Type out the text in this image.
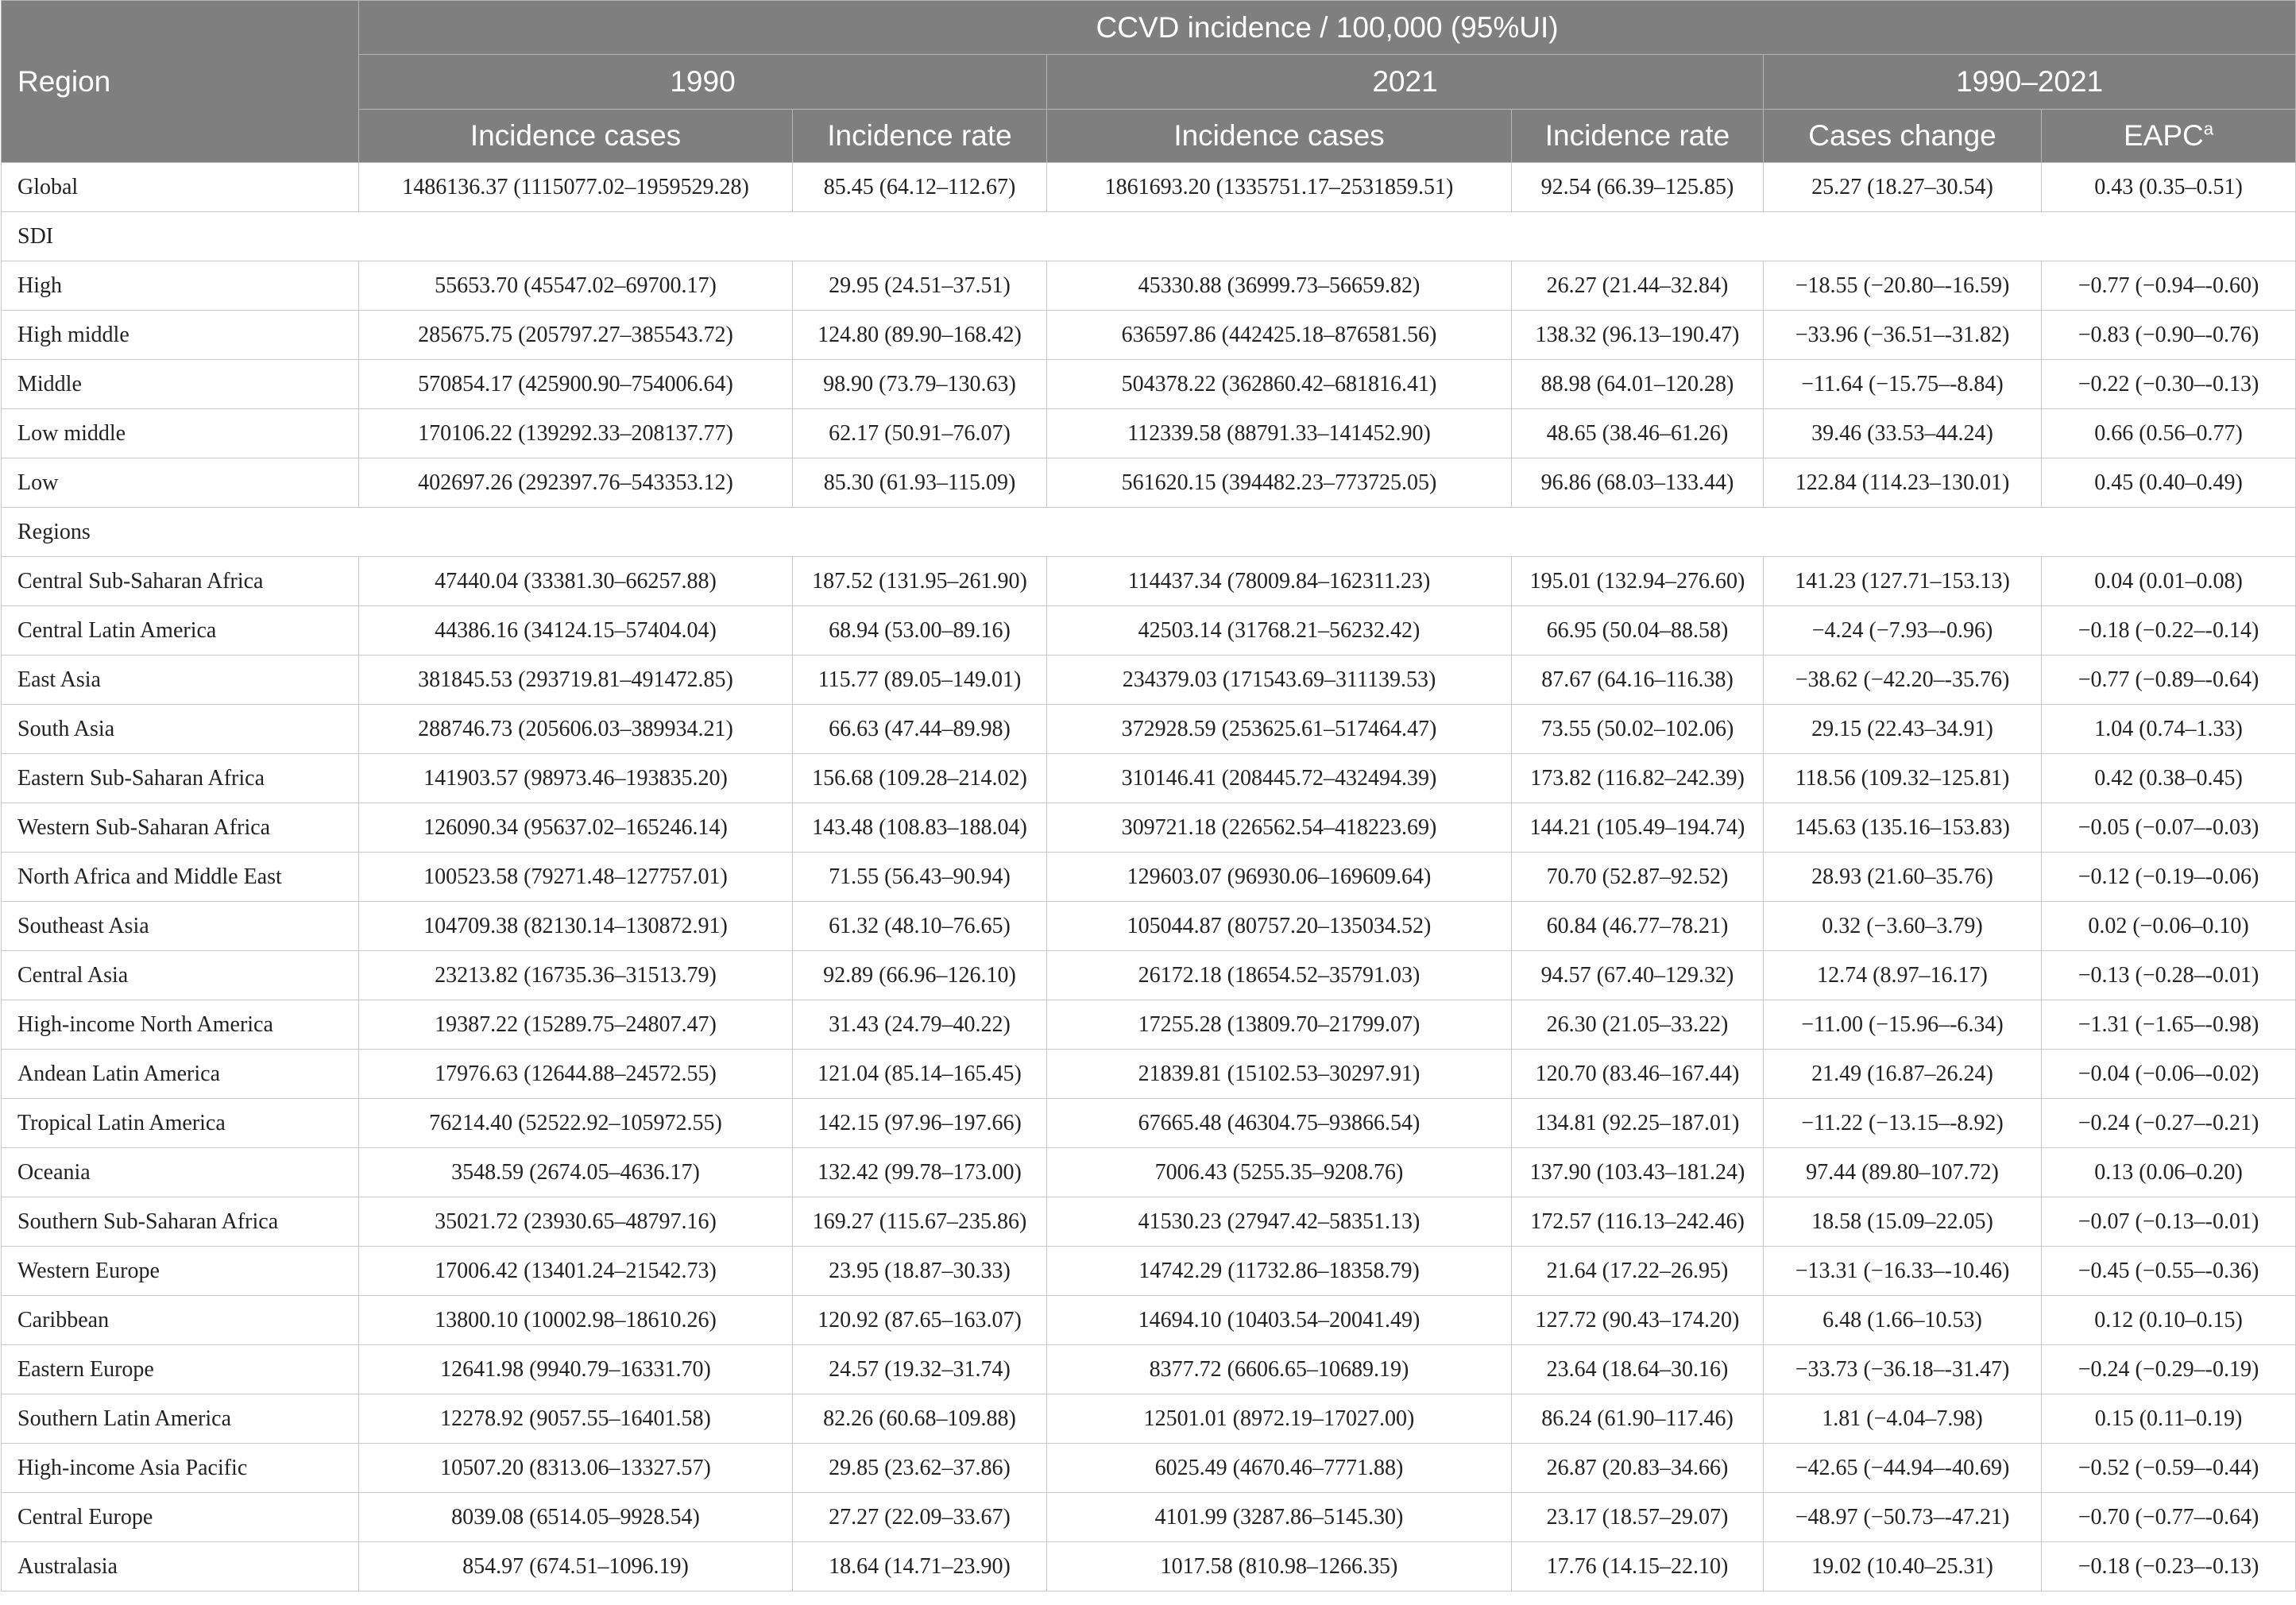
Region	CCVD incidence / 100,000 (95%UI)					
	1990		2021		1990–2021	
	Incidence cases	Incidence rate	Incidence cases	Incidence rate	Cases change	EAPC$^a$
Global	1486136.37 (1115077.02–1959529.28)	85.45 (64.12–112.67)	1861693.20 (1335751.17–2531859.51)	92.54 (66.39–125.85)	25.27 (18.27–30.54)	0.43 (0.35–0.51)
SDI						
High	55653.70 (45547.02–69700.17)	29.95 (24.51–37.51)	45330.88 (36999.73–56659.82)	26.27 (21.44–32.84)	−18.55 (−20.80–-16.59)	−0.77 (−0.94–-0.60)
High middle	285675.75 (205797.27–385543.72)	124.80 (89.90–168.42)	636597.86 (442425.18–876581.56)	138.32 (96.13–190.47)	−33.96 (−36.51–-31.82)	−0.83 (−0.90–-0.76)
Middle	570854.17 (425900.90–754006.64)	98.90 (73.79–130.63)	504378.22 (362860.42–681816.41)	88.98 (64.01–120.28)	−11.64 (−15.75–-8.84)	−0.22 (−0.30–-0.13)
Low middle	170106.22 (139292.33–208137.77)	62.17 (50.91–76.07)	112339.58 (88791.33–141452.90)	48.65 (38.46–61.26)	39.46 (33.53–44.24)	0.66 (0.56–0.77)
Low	402697.26 (292397.76–543353.12)	85.30 (61.93–115.09)	561620.15 (394482.23–773725.05)	96.86 (68.03–133.44)	122.84 (114.23–130.01)	0.45 (0.40–0.49)
Regions						
Central Sub-Saharan Africa	47440.04 (33381.30–66257.88)	187.52 (131.95–261.90)	114437.34 (78009.84–162311.23)	195.01 (132.94–276.60)	141.23 (127.71–153.13)	0.04 (0.01–0.08)
Central Latin America	44386.16 (34124.15–57404.04)	68.94 (53.00–89.16)	42503.14 (31768.21–56232.42)	66.95 (50.04–88.58)	−4.24 (−7.93–-0.96)	−0.18 (−0.22–-0.14)
East Asia	381845.53 (293719.81–491472.85)	115.77 (89.05–149.01)	234379.03 (171543.69–311139.53)	87.67 (64.16–116.38)	−38.62 (−42.20–-35.76)	−0.77 (−0.89–-0.64)
South Asia	288746.73 (205606.03–389934.21)	66.63 (47.44–89.98)	372928.59 (253625.61–517464.47)	73.55 (50.02–102.06)	29.15 (22.43–34.91)	1.04 (0.74–1.33)
Eastern Sub-Saharan Africa	141903.57 (98973.46–193835.20)	156.68 (109.28–214.02)	310146.41 (208445.72–432494.39)	173.82 (116.82–242.39)	118.56 (109.32–125.81)	0.42 (0.38–0.45)
Western Sub-Saharan Africa	126090.34 (95637.02–165246.14)	143.48 (108.83–188.04)	309721.18 (226562.54–418223.69)	144.21 (105.49–194.74)	145.63 (135.16–153.83)	−0.05 (−0.07–-0.03)
North Africa and Middle East	100523.58 (79271.48–127757.01)	71.55 (56.43–90.94)	129603.07 (96930.06–169609.64)	70.70 (52.87–92.52)	28.93 (21.60–35.76)	−0.12 (−0.19–-0.06)
Southeast Asia	104709.38 (82130.14–130872.91)	61.32 (48.10–76.65)	105044.87 (80757.20–135034.52)	60.84 (46.77–78.21)	0.32 (−3.60–3.79)	0.02 (−0.06–0.10)
Central Asia	23213.82 (16735.36–31513.79)	92.89 (66.96–126.10)	26172.18 (18654.52–35791.03)	94.57 (67.40–129.32)	12.74 (8.97–16.17)	−0.13 (−0.28–-0.01)
High-income North America	19387.22 (15289.75–24807.47)	31.43 (24.79–40.22)	17255.28 (13809.70–21799.07)	26.30 (21.05–33.22)	−11.00 (−15.96–-6.34)	−1.31 (−1.65–-0.98)
Andean Latin America	17976.63 (12644.88–24572.55)	121.04 (85.14–165.45)	21839.81 (15102.53–30297.91)	120.70 (83.46–167.44)	21.49 (16.87–26.24)	−0.04 (−0.06–-0.02)
Tropical Latin America	76214.40 (52522.92–105972.55)	142.15 (97.96–197.66)	67665.48 (46304.75–93866.54)	134.81 (92.25–187.01)	−11.22 (−13.15–-8.92)	−0.24 (−0.27–-0.21)
Oceania	3548.59 (2674.05–4636.17)	132.42 (99.78–173.00)	7006.43 (5255.35–9208.76)	137.90 (103.43–181.24)	97.44 (89.80–107.72)	0.13 (0.06–0.20)
Southern Sub-Saharan Africa	35021.72 (23930.65–48797.16)	169.27 (115.67–235.86)	41530.23 (27947.42–58351.13)	172.57 (116.13–242.46)	18.58 (15.09–22.05)	−0.07 (−0.13–-0.01)
Western Europe	17006.42 (13401.24–21542.73)	23.95 (18.87–30.33)	14742.29 (11732.86–18358.79)	21.64 (17.22–26.95)	−13.31 (−16.33–-10.46)	−0.45 (−0.55–-0.36)
Caribbean	13800.10 (10002.98–18610.26)	120.92 (87.65–163.07)	14694.10 (10403.54–20041.49)	127.72 (90.43–174.20)	6.48 (1.66–10.53)	0.12 (0.10–0.15)
Eastern Europe	12641.98 (9940.79–16331.70)	24.57 (19.32–31.74)	8377.72 (6606.65–10689.19)	23.64 (18.64–30.16)	−33.73 (−36.18–-31.47)	−0.24 (−0.29–-0.19)
Southern Latin America	12278.92 (9057.55–16401.58)	82.26 (60.68–109.88)	12501.01 (8972.19–17027.00)	86.24 (61.90–117.46)	1.81 (−4.04–7.98)	0.15 (0.11–0.19)
High-income Asia Pacific	10507.20 (8313.06–13327.57)	29.85 (23.62–37.86)	6025.49 (4670.46–7771.88)	26.87 (20.83–34.66)	−42.65 (−44.94–-40.69)	−0.52 (−0.59–-0.44)
Central Europe	8039.08 (6514.05–9928.54)	27.27 (22.09–33.67)	4101.99 (3287.86–5145.30)	23.17 (18.57–29.07)	−48.97 (−50.73–-47.21)	−0.70 (−0.77–-0.64)
Australasia	854.97 (674.51–1096.19)	18.64 (14.71–23.90)	1017.58 (810.98–1266.35)	17.76 (14.15–22.10)	19.02 (10.40–25.31)	−0.18 (−0.23–-0.13)
